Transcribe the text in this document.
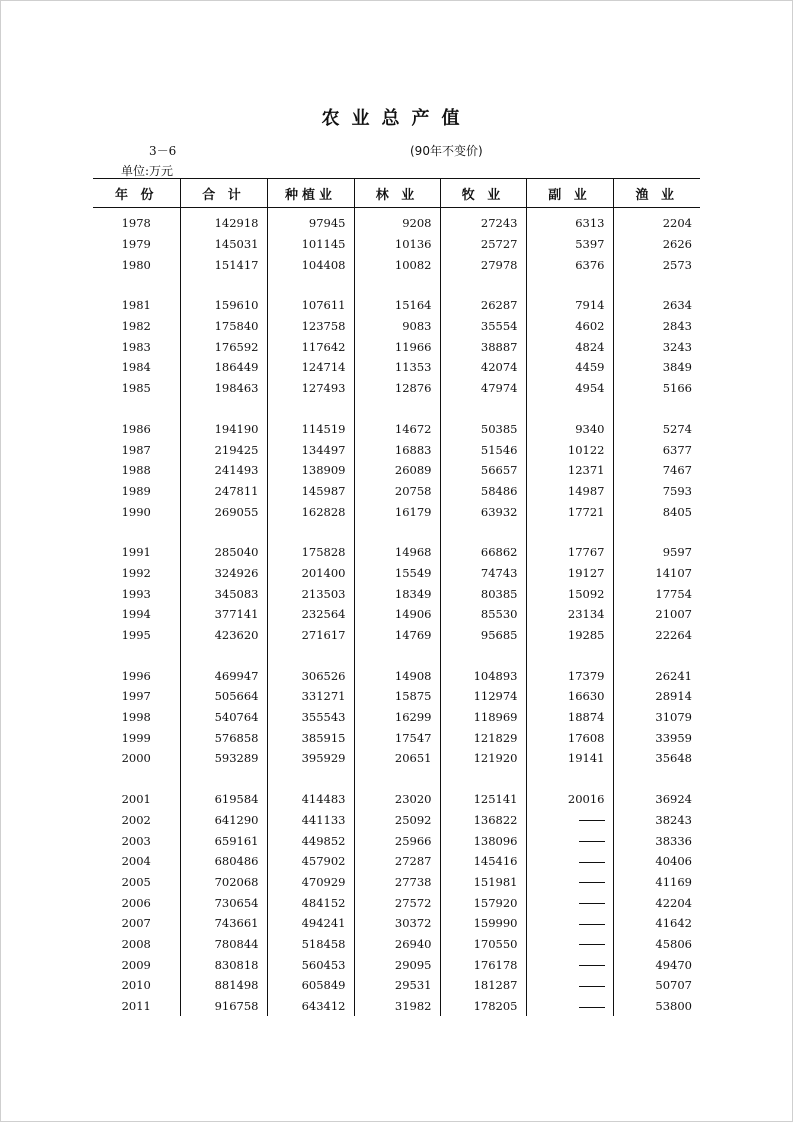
农业总产值
3－6	(90年不变价)
单位:万元
年 份	合 计	种植业	林 业	牧 业	副 业	渔 业

1978	142918	97945	9208	27243	6313	2204
1979	145031	101145	10136	25727	5397	2626
1980	151417	104408	10082	27978	6376	2573

1981	159610	107611	15164	26287	7914	2634
1982	175840	123758	9083	35554	4602	2843
1983	176592	117642	11966	38887	4824	3243
1984	186449	124714	11353	42074	4459	3849
1985	198463	127493	12876	47974	4954	5166

1986	194190	114519	14672	50385	9340	5274
1987	219425	134497	16883	51546	10122	6377
1988	241493	138909	26089	56657	12371	7467
1989	247811	145987	20758	58486	14987	7593
1990	269055	162828	16179	63932	17721	8405

1991	285040	175828	14968	66862	17767	9597
1992	324926	201400	15549	74743	19127	14107
1993	345083	213503	18349	80385	15092	17754
1994	377141	232564	14906	85530	23134	21007
1995	423620	271617	14769	95685	19285	22264

1996	469947	306526	14908	104893	17379	26241
1997	505664	331271	15875	112974	16630	28914
1998	540764	355543	16299	118969	18874	31079
1999	576858	385915	17547	121829	17608	33959
2000	593289	395929	20651	121920	19141	35648

2001	619584	414483	23020	125141	20016	36924
2002	641290	441133	25092	136822		38243
2003	659161	449852	25966	138096		38336
2004	680486	457902	27287	145416		40406
2005	702068	470929	27738	151981		41169
2006	730654	484152	27572	157920		42204
2007	743661	494241	30372	159990		41642
2008	780844	518458	26940	170550		45806
2009	830818	560453	29095	176178		49470
2010	881498	605849	29531	181287		50707
2011	916758	643412	31982	178205		53800
